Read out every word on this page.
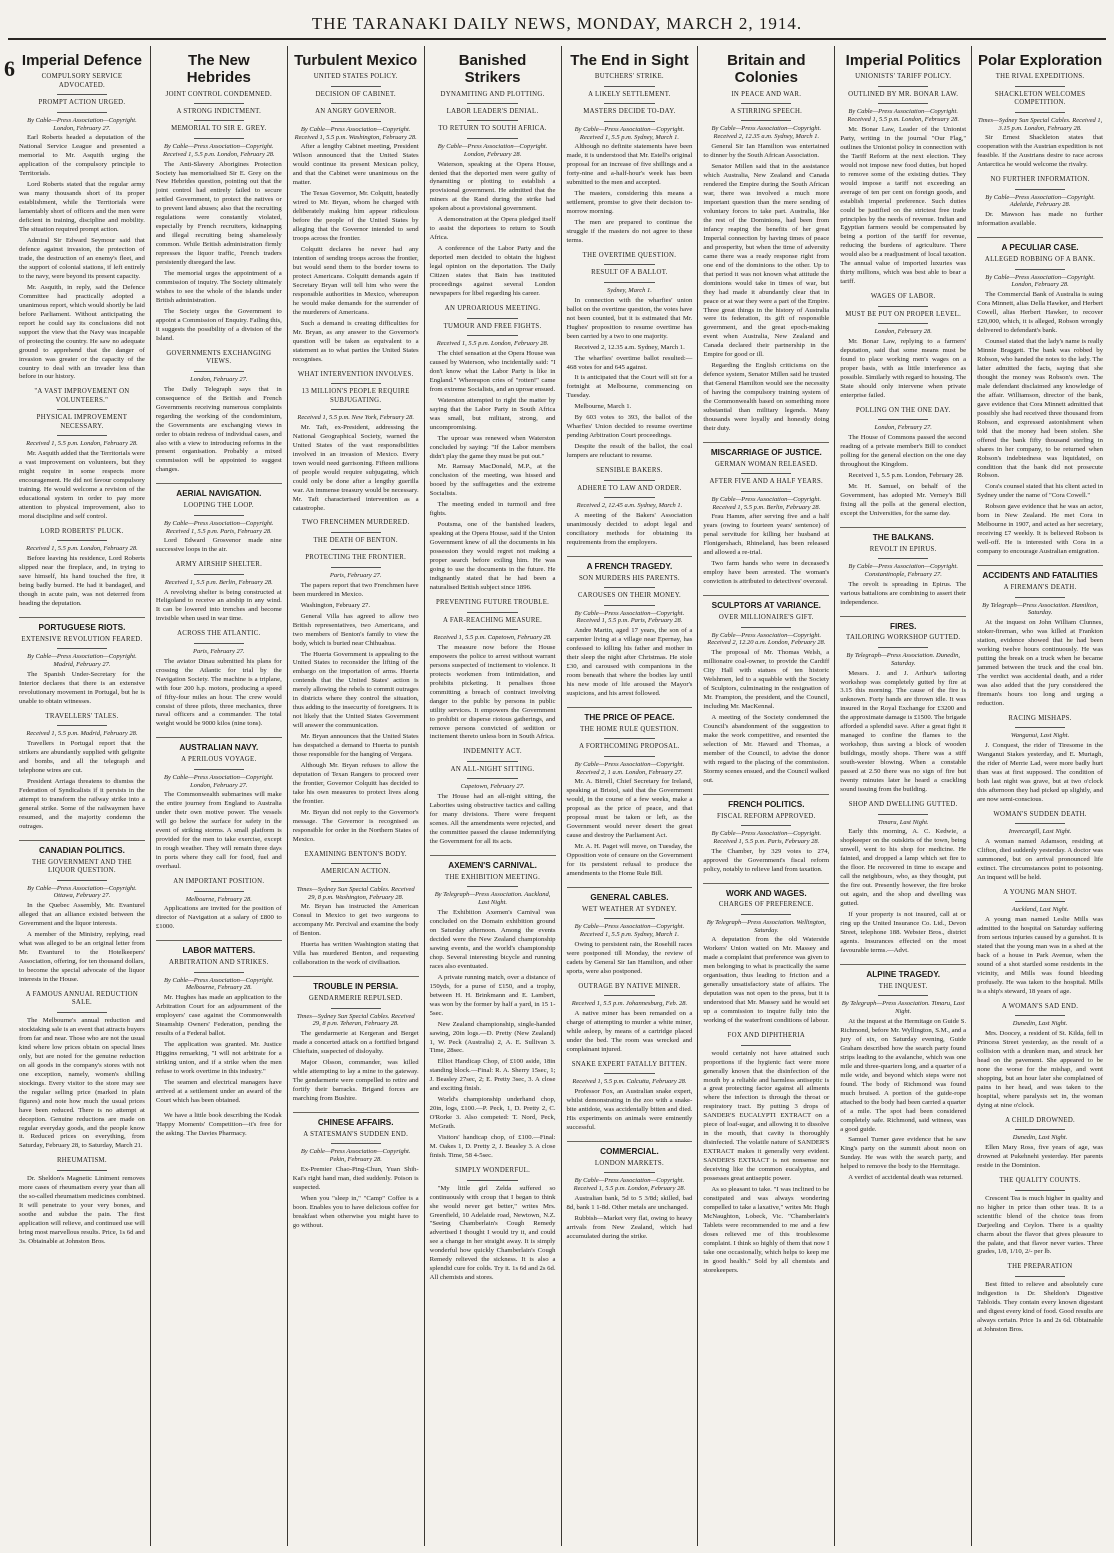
THE TARANAKI DAILY NEWS, MONDAY, MARCH 2, 1914.
6 Imperial Defence
COMPULSORY SERVICE ADVOCATED.
PROMPT ACTION URGED.
By Cable—Press Association—Copyright. London, February 27.

Earl Roberts headed a deputation of the National Service League and presented a memorial to Mr. Asquith urging the application of the compulsory principle to Territorials.

Lord Roberts stated that the regular army was many thousands short of its proper establishment, while the Territorials were lamentably short of officers and the men were deficient in training, discipline and mobility. The situation required prompt action.

Admiral Sir Edward Seymour said that defence against invasion, the protection of trade, the destruction of an enemy's fleet, and the support of colonial stations, if left entirely to the navy, were beyond its present capacity.

Mr. Asquith, in reply, said the Defence Committee had practically adopted a unanimous report, which would shortly be laid before Parliament. Without anticipating the report he could say its conclusions did not support the view that the Navy was incapable of protecting the country. He saw no adequate ground to apprehend that the danger of invasion was greater or the capacity of the country to deal with an invader less than before in our history.

"A VAST IMPROVEMENT ON VOLUNTEERS."
PHYSICAL IMPROVEMENT NECESSARY.
Received 1, 5.5 p.m. London, February 28.

Mr. Asquith added that the Territorials were a vast improvement on volunteers, but they might require in some respects more encouragement. He did not favour compulsory training. He would welcome a revision of the educational system in order to pay more attention to physical improvement, also to moral discipline and self control.

LORD ROBERTS' PLUCK.
Received 1, 5.5 p.m. London, February 28.

Before leaving his residence, Lord Roberts slipped near the fireplace, and, in trying to save himself, his hand touched the fire, it being badly burned. He had it bandaged, and though in acute pain, was not deterred from heading the deputation.

PORTUGUESE RIOTS.
EXTENSIVE REVOLUTION FEARED.
By Cable—Press Association—Copyright. Madrid, February 27.

The Spanish Under-Secretary for the Interior declares that there is an extensive revolutionary movement in Portugal, but he is unable to obtain witnesses.

TRAVELLERS' TALES.
Received 1, 5.5 p.m. Madrid, February 28.

Travellers in Portugal report that the strikers are abundantly supplied with gelignite and bombs, and all the telegraph and telephone wires are cut.

President Arriaga threatens to dismiss the Federation of Syndicalists if it persists in the attempt to transform the railway strike into a general strike. Some of the railwaymen have resumed, and the majority condemn the outrages.

CANADIAN POLITICS.
THE GOVERNMENT AND THE LIQUOR QUESTION.
By Cable—Press Association—Copyright. Ottawa, February 27.

In the Quebec Assembly, Mr. Evanturel alleged that an alliance existed between the Government and the liquor interests.

A member of the Ministry, replying, read what was alleged to be an original letter from Mr. Evanturel to the Hotelkeepers' Association, offering, for ten thousand dollars, to become the special advocate of the liquor interests in the House.

A FAMOUS ANNUAL REDUCTION SALE.

The Melbourne's annual reduction and stocktaking sale is an event that attracts buyers from far and near. Those who are not the usual kind where low prices obtain on special lines only, but are noted for the genuine reduction on all goods in the company's stores with not one exception, namely, women's shilling stockings. Every visitor to the store may see the regular selling price (marked in plain figures) and note how much the usual prices have been reduced. There is no attempt at deception. Genuine reductions are made on regular everyday goods, and the people know it. Reduced prices on everything, from Saturday, February 28, to Saturday, March 21.

RHEUMATISM.

Dr. Sheldon's Magnetic Liniment removes more cases of rheumatism every year than all the so-called rheumatism medicines combined. It will penetrate to your very bones, and soothe and subdue the pain. The first application will relieve, and continued use will bring most marvellous results. Price, 1s 6d and 3s. Obtainable at Johnston Bros.

The New Hebrides
JOINT CONTROL CONDEMNED.
A STRONG INDICTMENT.
MEMORIAL TO SIR E. GREY.
By Cable—Press Association—Copyright. Received 1, 5.5 p.m. London, February 28.

The Anti-Slavery Aborigines Protection Society has memorialised Sir E. Grey on the New Hebrides question, pointing out that the joint control had entirely failed to secure settled Government, to protect the natives or to prevent land abuses; also that the recruiting regulations were constantly violated, especially by French recruiters, kidnapping and illegal recruiting being shamelessly common. While British administration firmly represses the liquor traffic, French traders persistently disregard the law.

The memorial urges the appointment of a commission of inquiry. The Society ultimately wishes to see the whole of the islands under British administration.

The Society urges the Government to appoint a Commission of Enquiry. Failing this, it suggests the possibility of a division of the Island.

GOVERNMENTS EXCHANGING VIEWS.
London, February 27.

The Daily Telegraph says that in consequence of the British and French Governments receiving numerous complaints regarding the working of the condominium, the Governments are exchanging views in order to obtain redress of individual cases, and also with a view to introducing reforms in the present organisation. Probably a mixed commission will be appointed to suggest changes.

AERIAL NAVIGATION.
LOOPING THE LOOP.
By Cable—Press Association—Copyright. Received 1, 5.5 p.m. Paris, February 28.

Lord Edward Grosvenor made nine successive loops in the air.

ARMY AIRSHIP SHELTER.
Received 1, 5.5 p.m. Berlin, February 28.

A revolving shelter is being constructed at Heligoland to receive an airship in any wind. It can be lowered into trenches and become invisible when used in war time.

ACROSS THE ATLANTIC.
Paris, February 27.

The aviator Dinau submitted his plans for crossing the Atlantic for trial by the Navigation Society. The machine is a triplane, with four 200 h.p. motors, producing a speed of fifty-four miles an hour. The crew would consist of three pilots, three mechanics, three naval officers and a commander. The total weight would be 9000 kilos (nine tons).

AUSTRALIAN NAVY.
A PERILOUS VOYAGE.
By Cable—Press Association—Copyright. London, February 27.

The Commonwealth submarines will make the entire journey from England to Australia under their own motive power. The vessels will go below the surface for safety in the event of striking storms. A small platform is provided for the men to take exercise, except in rough weather. They will remain three days in ports where they call for food, fuel and overhaul.

AN IMPORTANT POSITION.
Melbourne, February 28.

Applications are invited for the position of director of Navigation at a salary of £800 to £1000.

LABOR MATTERS.
ARBITRATION AND STRIKES.
By Cable—Press Association—Copyright. Melbourne, February 28.

Mr. Hughes has made an application to the Arbitration Court for an adjournment of the employers' case against the Commonwealth Steamship Owners' Federation, pending the results of a Federal ballot.

The application was granted. Mr. Justice Higgins remarking, "I will not arbitrate for a striking union, and if a strike when the men refuse to work overtime in this industry."

The seamen and electrical managers have arrived at a settlement under an award of the Court which has been obtained.

We have a little book describing the Kodak 'Happy Moments' Competition—it's free for the asking. The Davies Pharmacy.

Turbulent Mexico
UNITED STATES POLICY.
DECISION OF CABINET.
AN ANGRY GOVERNOR.
By Cable—Press Association—Copyright. Received 1, 5.5 p.m. Washington, February 28.

After a lengthy Cabinet meeting, President Wilson announced that the United States would continue its present Mexican policy, and that the Cabinet were unanimous on the matter.

The Texas Governor, Mr. Colquitt, heatedly wired to Mr. Bryan, whom he charged with deliberately making him appear ridiculous before the people of the United States by alleging that the Governor intended to send troops across the frontier.

Colquitt declares he never had any intention of sending troops across the frontier, but would send them to the border towns to protect Americans. Colquitt demands again if Secretary Bryan will tell him who were the responsible authorities in Mexico, whereupon he would make demands for the surrender of the murderers of Americans.

Such a demand is creating difficulties for Mr. Bryan, as any answer to the Governor's question will be taken as equivalent to a statement as to what parties the United States recognises.

WHAT INTERVENTION INVOLVES.
13 MILLION'S PEOPLE REQUIRE SUBJUGATING.
Received 1, 5.5 p.m. New York, February 28.

Mr. Taft, ex-President, addressing the National Geographical Society, warned the United States of the vast responsibilities involved in an invasion of Mexico. Every town would need garrisoning. Fifteen millions of people would require subjugating, which could only be done after a lengthy guerilla war. An immense treasury would be necessary. Mr. Taft characterised intervention as a catastrophe.

TWO FRENCHMEN MURDERED.
THE DEATH OF BENTON.
PROTECTING THE FRONTIER.
Paris, February 27.

The papers report that two Frenchmen have been murdered in Mexico.

Washington, February 27.

General Villa has agreed to allow two British representatives, two Americans, and two members of Benton's family to view the body, which is buried near Chihuahua.

The Huerta Government is appealing to the United States to reconsider the lifting of the embargo on the importation of arms. Huerta contends that the United States' action is merely allowing the rebels to commit outrages in districts where they control the situation, thus adding to the insecurity of foreigners. It is not likely that the United States Government will answer the communication.

Mr. Bryan announces that the United States has despatched a demand to Huerta to punish those responsible for the hanging of Vergara.

Although Mr. Bryan refuses to allow the deputation of Texan Rangers to proceed over the frontier, Governor Colquitt has decided to take his own measures to protect lives along the frontier.

Mr. Bryan did not reply to the Governor's message. The Governor is recognised as responsible for order in the Northern States of Mexico.

EXAMINING BENTON'S BODY.
AMERICAN ACTION.
Times—Sydney Sun Special Cables. Received 29, 8 p.m. Washington, February 28.

Mr. Bryan has instructed the American Consul in Mexico to get two surgeons to accompany Mr. Percival and examine the body of Benton.

Huerta has written Washington stating that Villa has murdered Benton, and requesting collaboration in the work of civilisation.

TROUBLE IN PERSIA.
GENDARMERIE REPULSED.
Times—Sydney Sun Special Cables. Received 29, 8 p.m. Teheran, February 28.

The gendarmerie at Kergeran and Berget made a concerted attack on a fortified brigand Chieftain, suspected of disloyalty.

Major Olsson, commander, was killed while attempting to lay a mine to the gateway. The gendarmerie were compelled to retire and fortify their barracks. Brigand forces are marching from Bushire.

CHINESE AFFAIRS.
A STATESMAN'S SUDDEN END.
By Cable—Press Association—Copyright. Pekin, February 28.

Ex-Premier Chao-Ping-Chun, Yuan Shih-Kai's right hand man, died suddenly. Poison is suspected.

When you "sleep in," "Camp" Coffee is a boon. Enables you to have delicious coffee for breakfast when otherwise you might have to go without.

Banished Strikers
DYNAMITING AND PLOTTING.
LABOR LEADER'S DENIAL.
TO RETURN TO SOUTH AFRICA.
By Cable—Press Association—Copyright. London, February 28.

Waterson, speaking at the Opera House, denied that the deported men were guilty of dynamiting or plotting to establish a provisional government. He admitted that the miners at the Rand during the strike had spoken about a provisional government.

A demonstration at the Opera pledged itself to assist the deportees to return to South Africa.

A conference of the Labor Party and the deported men decided to obtain the highest legal opinion on the deportation. The Daily Citizen states that Bain has instituted proceedings against several London newspapers for libel regarding his career.

AN UPROARIOUS MEETING.
TUMOUR AND FREE FIGHTS.
Received 1, 5.5 p.m. London, February 28.

The chief sensation at the Opera House was caused by Waterson, who incidentally said: "I don't know what the Labor Party is like in England." Whereupon cries of "rotten!" came from extreme Socialists, and an uproar ensued.

Waterston attempted to right the matter by saying that the Labor Party in South Africa was small, but militant, strong, and uncompromising.

The uproar was renewed when Waterston concluded by saying: "If the Labor members didn't play the game they must be put out."

Mr. Ramsay MacDonald, M.P., at the conclusion of the meeting, was hissed and booed by the suffragettes and the extreme Socialists.

The meeting ended in turmoil and free fights.

Poutsma, one of the banished leaders, speaking at the Opera House, said if the Union Government knew of all the documents in his possession they would regret not making a proper search before exiling him. He was going to use the documents in the future. He indignantly stated that he had been a naturalised British subject since 1896.

PREVENTING FUTURE TROUBLE.
A FAR-REACHING MEASURE.
Received 1, 5.5 p.m. Capetown, February 28.

The measure now before the House empowers the police to arrest without warrant persons suspected of incitement to violence. It protects workmen from intimidation, and prohibits picketing. It penalises those committing a breach of contract involving danger to the public by persons in public utility services. It empowers the Government to prohibit or disperse riotous gatherings, and remove persons convicted of sedition or incitement thereto unless born in South Africa.

INDEMNITY ACT.
AN ALL-NIGHT SITTING.
Capetown, February 27.

The House had an all-night sitting, the Laborites using obstructive tactics and calling for many divisions. There were frequent scenes. All the amendments were rejected, and the committee passed the clause indemnifying the Government for all its acts.

AXEMEN'S CARNIVAL.
THE EXHIBITION MEETING.
By Telegraph—Press Association. Auckland, Last Night.

The Exhibition Axemen's Carnival was concluded on the Domain exhibition ground on Saturday afternoon. Among the events decided were the New Zealand championship sawing events, and the world's championship chop. Several interesting bicycle and running races also eventuated.

A private running match, over a distance of 150yds, for a purse of £150, and a trophy, between H. H. Brinkmann and E. Lambert, was won by the former by half a yard, in 15 1-5sec.

New Zealand championship, single-handed sawing, 20in logs.—D. Pretty (New Zealand) 1, W. Peck (Australia) 2, A. E. Sullivan 3. Time, 28sec.

Elliot Handicap Chop, of £100 aside, 18in standing block.—Final: R. A. Sherry 15sec, 1; J. Beasley 27sec, 2; E. Pretty 3sec, 3. A close and exciting finish.

World's championship underhand chop, 20in, logs, £100.—P. Peck, 1, D. Pretty 2, C. O'Rorke 3. Also competed: T. Nord, Peck, McGrath.

Visitors' handicap chop, of £100.—Final: M. Oakes 1, D. Pretty 2, J. Beasley 3. A close finish. Time, 58 4-5sec.

SIMPLY WONDERFUL.

"My little girl Zelda suffered so continuously with croup that I began to think she would never get better," writes Mrs. Greenfield, 10 Adelaide road, Newtown, N.Z. "Seeing Chamberlain's Cough Remedy advertised I thought I would try it, and could see a change in her straight away. It is simply wonderful how quickly Chamberlain's Cough Remedy relieved the sickness. It is also a splendid cure for colds. Try it. 1s 6d and 2s 6d. All chemists and stores.

The End in Sight
BUTCHERS' STRIKE.
A LIKELY SETTLEMENT.
MASTERS DECIDE TO-DAY.
By Cable—Press Association—Copyright. Received 1, 5.5 p.m. Sydney, March 1.

Although no definite statements have been made, it is understood that Mr. Estell's original proposal for an increase of five shillings and a forty-nine and a-half-hour's week has been submitted to the men and accepted.

The masters, considering this means a settlement, promise to give their decision to-morrow morning.

The men are prepared to continue the struggle if the masters do not agree to these terms.

THE OVERTIME QUESTION.
RESULT OF A BALLOT.
Sydney, March 1.

In connection with the wharfies' union ballot on the overtime question, the votes have not been counted, but it is estimated that Mr. Hughes' proposition to resume overtime has been carried by a two to one majority.

Received 2, 12.35 a.m. Sydney, March 1.

The wharfies' overtime ballot resulted:—468 votes for and 645 against.

It is anticipated that the Court will sit for a fortnight at Melbourne, commencing on Tuesday.

Melbourne, March 1.

By 603 votes to 393, the ballot of the Wharfies' Union decided to resume overtime pending Arbitration Court proceedings.

Despite the result of the ballot, the coal lumpers are reluctant to resume.

SENSIBLE BAKERS.
ADHERE TO LAW AND ORDER.
Received 2, 12.45 a.m. Sydney, March 1.

A meeting of the Bakers' Association unanimously decided to adopt legal and conciliatory methods for obtaining its requirements from the employers.

A FRENCH TRAGEDY.
SON MURDERS HIS PARENTS.
CAROUSES ON THEIR MONEY.
By Cable—Press Association—Copyright. Received 1, 5.5 p.m. Paris, February 28.

Andre Martin, aged 17 years, the son of a carpenter living at a village near Epernay, has confessed to killing his father and mother in their sleep the night after Christmas. He stole £30, and caroused with companions in the room beneath that where the bodies lay until his new mode of life aroused the Mayor's suspicions, and his arrest followed.

THE PRICE OF PEACE.
THE HOME RULE QUESTION.
A FORTHCOMING PROPOSAL.
By Cable—Press Association—Copyright. Received 2, 1 a.m. London, February 27.

Mr. A. Birrell, Chief Secretary for Ireland, speaking at Bristol, said that the Government would, in the course of a few weeks, make a proposal as the price of peace, and that proposal must be taken or left, as the Government would never desert the great cause and destroy the Parliament Act.

Mr. A. H. Paget will move, on Tuesday, the Opposition vote of censure on the Government for its persistent refusal to produce the amendments to the Home Rule Bill.

GENERAL CABLES.
WET WEATHER AT SYDNEY.
By Cable—Press Association—Copyright. Received 1, 5.5 p.m. Sydney, March 1.

Owing to persistent rain, the Rosehill races were postponed till Monday, the review of cadets by General Sir Ian Hamilton, and other sports, were also postponed.

OUTRAGE BY NATIVE MINER.
Received 1, 5.5 p.m. Johannesburg, Feb. 28.

A native miner has been remanded on a charge of attempting to murder a white miner, while asleep, by means of a cartridge placed under the bed. The room was wrecked and complainant injured.

SNAKE EXPERT FATALLY BITTEN.
Received 1, 5.5 p.m. Calcutta, February 28.

Professor Fox, an Australian snake expert, whilst demonstrating in the zoo with a snake-bite antidote, was accidentally bitten and died. His experiments on animals were eminently successful.

COMMERCIAL.
LONDON MARKETS.
By Cable—Press Association—Copyright. Received 1, 5.5 p.m. London, February 28.

Australian bank, 5d to 5 3/8d; skilled, bad 8d, bank 1 1-8d. Other metals are unchanged.

Rubbish—Market very flat, owing to heavy arrivals from New Zealand, which had accumulated during the strike.

Britain and Colonies
IN PEACE AND WAR.
A STIRRING SPEECH.
By Cable—Press Association—Copyright. Received 2, 12.35 a.m. Sydney, March 1.

General Sir Ian Hamilton was entertained to dinner by the South African Association.

Senator Millen said that in the assistance which Australia, New Zealand and Canada rendered the Empire during the South African war, there was involved a much more important question than the mere sending of voluntary forces to take part. Australia, like the rest of the Dominions, had been from infancy reaping the benefits of her great Imperial connection by having times of peace and prosperity, but when the time of adversity came there was a ready response right from one end of the dominions to the other. Up to that period it was not known what attitude the dominions would take in times of war, but they had made it abundantly clear that in peace or at war they were a part of the Empire. Three great things in the history of Australia were its federation, its gift of responsible government, and the great epoch-making event when Australia, New Zealand and Canada declared their partnership in the Empire for good or ill.

Regarding the English criticisms on the defence system, Senator Millen said he trusted that General Hamilton would see the necessity of having the compulsory training system of the Commonwealth based on something more substantial than military legends. Many thousands were loyally and honestly doing their duty.

MISCARRIAGE OF JUSTICE.
GERMAN WOMAN RELEASED.
AFTER FIVE AND A HALF YEARS.
By Cable—Press Association—Copyright. Received 1, 5.5 p.m. Berlin, February 28.

Frau Hamm, after serving five and a half years (owing to fourteen years' sentence) of penal servitude for killing her husband at Flonigershach, Rhineland, has been released and allowed a re-trial.

Two farm hands who were in deceased's employ have been arrested. The woman's conviction is attributed to detectives' overzeal.

SCULPTORS AT VARIANCE.
OVER MILLIONAIRE'S GIFT.
By Cable—Press Association—Copyright. Received 2, 12.20 a.m. London, February 28.

The proposal of Mr. Thomas Welsh, a millionaire coal-owner, to provide the Cardiff City Hall with statues of ten historic Welshmen, led to a squabble with the Society of Sculptors, culminating in the resignation of Mr. Frampton, the president, and the Council, including Mr. MacKennal.

A meeting of the Society condemned the Council's abandonment of the suggestion to make the work competitive, and resented the selection of Mr. Havard and Thomas, a member of the Council, to advise the donor with regard to the placing of the commission. Stormy scenes ensued, and the Council walked out.

FRENCH POLITICS.
FISCAL REFORM APPROVED.
By Cable—Press Association—Copyright. Received 1, 5.5 p.m. Paris, February 28.

The Chamber, by 329 votes to 274, approved the Government's fiscal reform policy, notably to relieve land from taxation.

WORK AND WAGES.
CHARGES OF PREFERENCE.
By Telegraph—Press Association. Wellington, Saturday.

A deputation from the old Waterside Workers' Union waited on Mr. Massey and made a complaint that preference was given to men belonging to what is practically the same organisation, thus leading to friction and a generally unsatisfactory state of affairs. The deputation was not open to the press, but it is understood that Mr. Massey said he would set up a commission to inquire fully into the working of the waterfront conditions of labour.

FOX AND DIPHTHERIA

would certainly not have attained such proportions if the hygienic fact were more generally known that the disinfection of the mouth by a reliable and harmless antiseptic is a great protecting factor against all ailments where the infection is through the throat or respiratory tract. By putting 3 drops of SANDER'S EUCALYPTI EXTRACT on a piece of loaf-sugar, and allowing it to dissolve in the mouth, that cavity is thoroughly disinfected. The volatile nature of SANDER'S EXTRACT makes it generally very evident. SANDER'S EXTRACT is not nonsense nor deceiving like the common eucalyptus, and possesses great antiseptic power.

As so pleasant to take. "I was inclined to be constipated and was always wondering compelled to take a laxative," writes Mr. Hugh McNaughton, Lobeck, Vic. "Chamberlain's Tablets were recommended to me and a few doses relieved me of this troublesome complaint. I think so highly of them that now I take one occasionally, which helps to keep me in good health." Sold by all chemists and storekeepers.

Imperial Politics
UNIONISTS' TARIFF POLICY.
OUTLINED BY MR. BONAR LAW.
By Cable—Press Association—Copyright. Received 1, 5.5 p.m. London, February 28.

Mr. Bonar Law, Leader of the Unionist Party, writing in the journal "Our Flag," outlines the Unionist policy in connection with the Tariff Reform at the next election. They would not impose new food duties, but hoped to remove some of the existing duties. They would impose a tariff not exceeding an average of ten per cent on foreign goods, and establish imperial preference. Such duties could be justified on the strictest free trade principles by the needs of revenue. Indian and Egyptian farmers would be compensated by being a portion of the tariff for revenue, reducing the burdens of agriculture. There would also be a readjustment of local taxation. The annual value of imported luxuries was thirty millions, which was best able to bear a tariff.

WAGES OF LABOR.
MUST BE PUT ON PROPER LEVEL.
London, February 28.

Mr. Bonar Law, replying to a farmers' deputation, said that some means must be found to place working men's wages on a proper basis, with as little interference as possible. Similarly with regard to housing. The State should only intervene when private enterprise failed.

POLLING ON THE ONE DAY.
London, February 27.

The House of Commons passed the second reading of a private member's Bill to conduct polling for the general election on the one day throughout the Kingdom.

Received 1, 5.5 p.m. London, February 28.

Mr. H. Samuel, on behalf of the Government, has adopted Mr. Verney's Bill fixing all the polls at the general election, except the Universities, for the same day.

THE BALKANS.
REVOLT IN EPIRUS.
By Cable—Press Association—Copyright. Constantinople, February 27.

The revolt is spreading in Epirus. The various battalions are combining to assert their independence.

FIRES.
TAILORING WORKSHOP GUTTED.
By Telegraph—Press Association. Dunedin, Saturday.

Messrs. J. and J. Arthur's tailoring workshop was completely gutted by fire at 3.15 this morning. The cause of the fire is unknown. Forty hands are thrown idle. It was insured in the Royal Exchange for £3200 and the approximate damage is £1500. The brigade afforded a splendid save. After a great fight it managed to confine the flames to the workshop, thus saving a block of wooden buildings, mostly shops. There was a stiff south-wester blowing. When a constable passed at 2.50 there was no sign of fire but twenty minutes later he heard a crackling sound issuing from the building.

SHOP AND DWELLING GUTTED.
Timaru, Last Night.

Early this morning, A. C. Kedwie, a shopkeeper on the outskirts of the town, being unwell, went to his shop for medicine. He fainted, and dropped a lamp which set fire to the floor. He recovered in time to escape and call the neighbours, who, as they thought, put the fire out. Presently however, the fire broke out again, and the shop and dwelling was gutted.

If your property is not insured, call at or ring up the United Insurance Co. Ltd., Devon Street, telephone 188. Webster Bros., district agents. Insurances effected on the most favourable terms.—Advt.

ALPINE TRAGEDY.
THE INQUEST.
By Telegraph—Press Association. Timaru, Last Night.

At the inquest at the Hermitage on Guide S. Richmond, before Mr. Wyllington, S.M., and a jury of six, on Saturday evening, Guide Graham described how the search party found strips leading to the avalanche, which was one mile and three-quarters long, and a quarter of a mile wide, and beyond which steps were not found. The body of Richmond was found much bruised. A portion of the guide-rope attached to the body had been carried a quarter of a mile. The spot had been considered completely safe. Richmond, said witness, was a good guide.

Samuel Turner gave evidence that he saw King's party on the summit about noon on Sunday. He was with the search party, and helped to remove the body to the Hermitage.

A verdict of accidental death was returned.

Polar Exploration
THE RIVAL EXPEDITIONS.
SHACKLETON WELCOMES COMPETITION.
Times—Sydney Sun Special Cables. Received 1, 3.15 p.m. London, February 28.

Sir Ernest Shackleton states that cooperation with the Austrian expedition is not feasible. If the Austrians desire to race across Antarctica he would welcome the rivalry.

NO FURTHER INFORMATION.
By Cable—Press Association—Copyright. Adelaide, February 28.

Dr. Mawson has made no further information available.

A PECULIAR CASE.
ALLEGED ROBBING OF A BANK.
By Cable—Press Association—Copyright. London, February 28.

The Commercial Bank of Australia is suing Cora Minnett, alias Della Hawker, and Herbert Cowell, alias Herbert Hawker, to recover £20,000, which, it is alleged, Robson wrongly delivered to defendant's bank.

Counsel stated that the lady's name is really Minnie Braggett. The bank was robbed by Robson, who handed the notes to the lady. The latter admitted the facts, saying that she thought the money was Robson's own. The male defendant disclaimed any knowledge of the affair. Williamson, director of the bank, gave evidence that Cora Minnett admitted that possibly she had received three thousand from Robson, and expressed astonishment when told that the money had been stolen. She offered the bank fifty thousand sterling in shares in her company, to be returned when Robson's indebtedness was liquidated, on condition that the bank did not prosecute Robson.

Cora's counsel stated that his client acted in Sydney under the name of "Cora Cowell."

Robson gave evidence that he was an actor, born in New Zealand. He met Cora in Melbourne in 1907, and acted as her secretary, receiving £7 weekly. It is believed Robson is well-off. He is interested with Cora in a company to encourage Australian emigration.

ACCIDENTS AND FATALITIES
A FIREMAN'S DEATH.
By Telegraph—Press Association. Hamilton, Saturday.

At the inquest on John William Clunnes, stoker-fireman, who was killed at Frankton station, evidence showed that he had been working twelve hours continuously. He was putting the break on a truck when he became jammed between the truck and the coal bin. The verdict was accidental death, and a rider was also added that the jury considered the fireman's hours too long and urging a reduction.

RACING MISHAPS.
Wanganui, Last Night.

J. Conquest, the rider of Tiresome in the Wanganui Stakes yesterday, and E. Murtagh, the rider of Merrie Lad, were more badly hurt than was at first supposed. The condition of both last night was grave, but at two o'clock this afternoon they had picked up slightly, and are now semi-conscious.

WOMAN'S SUDDEN DEATH.
Invercargill, Last Night.

A woman named Adamson, residing at Clifton, died suddenly yesterday. A doctor was summoned, but on arrival pronounced life extinct. The circumstances point to poisoning. An inquest will be held.

A YOUNG MAN SHOT.
Auckland, Last Night.

A young man named Leslie Mills was admitted to the hospital on Saturday suffering from serious injuries caused by a gunshot. It is stated that the young man was in a shed at the back of a house in Park Avenue, when the sound of a shot startled some residents in the vicinity, and Mills was found bleeding profusely. He was taken to the hospital. Mills is a ship's steward, 18 years of age.

A WOMAN'S SAD END.
Dunedin, Last Night.

Mrs. Doocey, a resident of St. Kilda, fell in Princess Street yesterday, as the result of a collision with a drunken man, and struck her head on the pavement. She appeared to be none the worse for the mishap, and went shopping, but an hour later she complained of pains in her head, and was taken to the hospital, where paralysis set in, the woman dying at nine o'clock.

A CHILD DROWNED.
Dunedin, Last Night.

Ellen Mary Ross, five years of age, was drowned at Pukehnehi yesterday. Her parents reside in the Dominion.

THE QUALITY COUNTS.

Crescent Tea is much higher in quality and no higher in price than other teas. It is a scientific blend of the choice teas from Darjeeling and Ceylon. There is a quality charm about the flavor that gives pleasure to the palate, and that flavor never varies. Three grades, 1/8, 1/10, 2/- per lb.

THE PREPARATION

Best fitted to relieve and absolutely cure indigestion is Dr. Sheldon's Digestive Tabloids. They contain every known digestant and digest every kind of food. Good results are always certain. Price 1s and 2s 6d. Obtainable at Johnston Bros.
